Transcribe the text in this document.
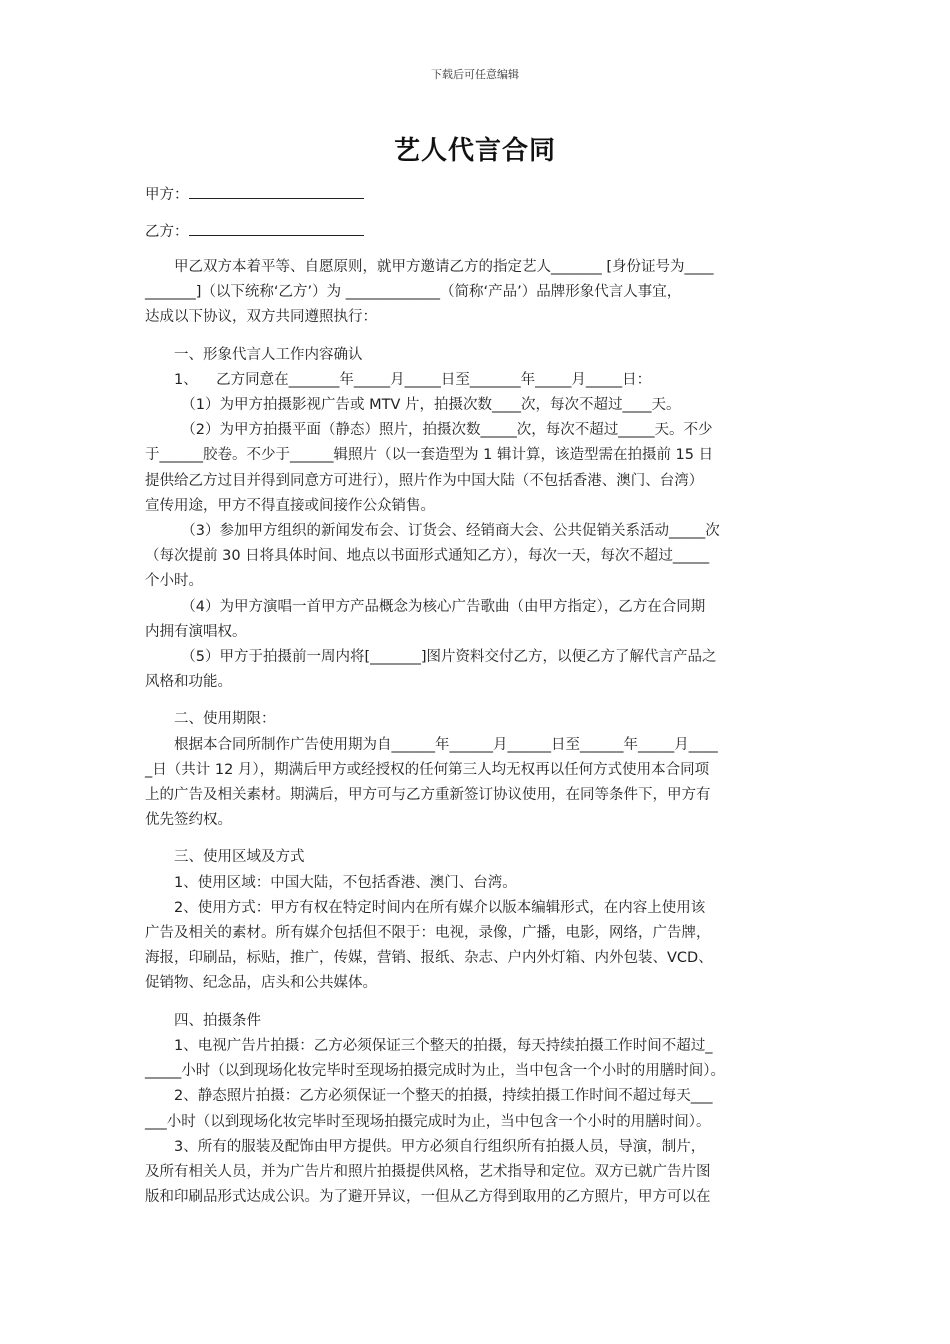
下载后可任意编辑
艺人代言合同
甲方：
乙方：

甲乙双方本着平等、自愿原则，就甲方邀请乙方的指定艺人_______ [身份证号为____

_______]（以下统称‘乙方’）为 _____________（简称‘产品’）品牌形象代言人事宜，

达成以下协议，双方共同遵照执行：

一、形象代言人工作内容确认

1、    乙方同意在_______年_____月_____日至_______年_____月_____日：

（1）为甲方拍摄影视广告或 MTV 片，拍摄次数____次，每次不超过____天。

（2）为甲方拍摄平面（静态）照片，拍摄次数_____次，每次不超过_____天。不少

于______胶卷。不少于______辑照片（以一套造型为 1 辑计算，该造型需在拍摄前 15 日

提供给乙方过目并得到同意方可进行），照片作为中国大陆（不包括香港、澳门、台湾）

宣传用途，甲方不得直接或间接作公众销售。

（3）参加甲方组织的新闻发布会、订货会、经销商大会、公共促销关系活动_____次

（每次提前 30 日将具体时间、地点以书面形式通知乙方），每次一天，每次不超过_____

个小时。

（4）为甲方演唱一首甲方产品概念为核心广告歌曲（由甲方指定），乙方在合同期

内拥有演唱权。

（5）甲方于拍摄前一周内将[_______]图片资料交付乙方，以便乙方了解代言产品之

风格和功能。

二、使用期限：

根据本合同所制作广告使用期为自______年______月______日至______年_____月____

_日（共计 12 月），期满后甲方或经授权的任何第三人均无权再以任何方式使用本合同项

上的广告及相关素材。期满后，甲方可与乙方重新签订协议使用，在同等条件下，甲方有

优先签约权。

三、使用区域及方式

1、使用区域：中国大陆，不包括香港、澳门、台湾。

2、使用方式：甲方有权在特定时间内在所有媒介以版本编辑形式，在内容上使用该

广告及相关的素材。所有媒介包括但不限于：电视，录像，广播，电影，网络，广告牌，

海报，印刷品，标贴，推广，传媒，营销、报纸、杂志、户内外灯箱、内外包装、VCD、

促销物、纪念品，店头和公共媒体。

四、拍摄条件

1、电视广告片拍摄：乙方必须保证三个整天的拍摄，每天持续拍摄工作时间不超过_

_____小时（以到现场化妆完毕时至现场拍摄完成时为止，当中包含一个小时的用膳时间）。

2、静态照片拍摄：乙方必须保证一个整天的拍摄，持续拍摄工作时间不超过每天___

___小时（以到现场化妆完毕时至现场拍摄完成时为止，当中包含一个小时的用膳时间）。

3、所有的服装及配饰由甲方提供。甲方必须自行组织所有拍摄人员，导演，制片，

及所有相关人员，并为广告片和照片拍摄提供风格，艺术指导和定位。双方已就广告片图

版和印刷品形式达成公识。为了避开异议，一但从乙方得到取用的乙方照片，甲方可以在
